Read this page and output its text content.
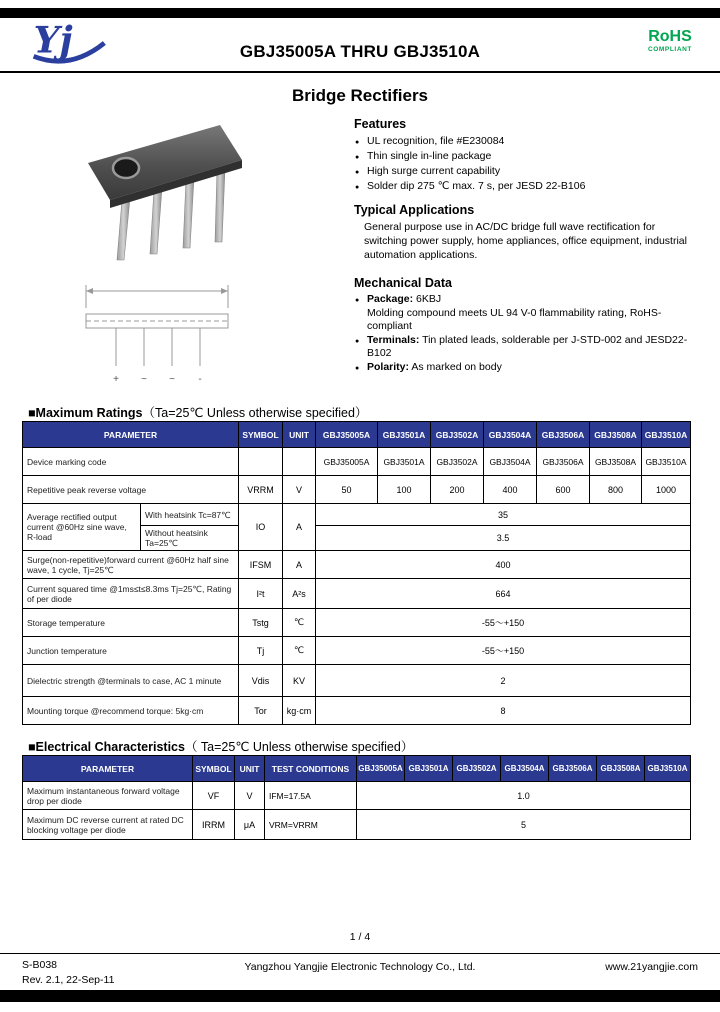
Yj	GBJ35005A THRU GBJ3510A
RoHS
COMPLIANT
Bridge Rectifiers
Features
● UL recognition, file #E230084
● Thin single in-line package
● High surge current capability
● Solder dip 275 ℃ max. 7 s, per JESD 22-B106
Typical Applications

General purpose use in AC/DC bridge full wave rectification for switching power supply, home appliances, office equipment, industrial automation applications.

Mechanical Data
● Package: 6KBJ
Molding compound meets UL 94 V-0 flammability rating, RoHS-compliant
● Terminals: Tin plated leads, solderable per J-STD-002 and JESD22-B102
● Polarity: As marked on body
+ ~ ~ -
■Maximum Ratings（Ta=25℃ Unless otherwise specified）
PARAMETER		SYMBOL	UNIT	GBJ35005A	GBJ3501A	GBJ3502A	GBJ3504A	GBJ3506A	GBJ3508A	GBJ3510A
Device marking code				GBJ35005A	GBJ3501A	GBJ3502A	GBJ3504A	GBJ3506A	GBJ3508A	GBJ3510A
Repetitive peak reverse voltage		VRRM	V	50	100	200	400	600	800	1000
Average rectified output current @60Hz sine wave, R-load	With heatsink Tc=87℃	IO	A	35						
	Without heatsink Ta=25℃			3.5						
Surge(non-repetitive)forward current @60Hz half sine wave, 1 cycle, Tj=25℃		IFSM	A	400						
Current squared time @1ms≤t≤8.3ms Tj=25℃, Rating of per diode		I²t	A²s	664						
Storage temperature		Tstg	℃	-55～+150						
Junction temperature		Tj	℃	-55～+150						
Dielectric strength @terminals to case, AC 1 minute		Vdis	KV	2						
Mounting torque @recommend torque: 5kg·cm		Tor	kg·cm	8						
■Electrical Characteristics（ Ta=25℃ Unless otherwise specified）
PARAMETER	SYMBOL	UNIT	TEST CONDITIONS	GBJ35005A	GBJ3501A	GBJ3502A	GBJ3504A	GBJ3506A	GBJ3508A	GBJ3510A
Maximum instantaneous forward voltage drop per diode	VF	V	IFM=17.5A	1.0						
Maximum DC reverse current at rated DC blocking voltage per diode	IRRM	μA	VRM=VRRM	5						
1 / 4
S-B038
Rev. 2.1, 22-Sep-11
Yangzhou Yangjie Electronic Technology Co., Ltd.	www.21yangjie.com
